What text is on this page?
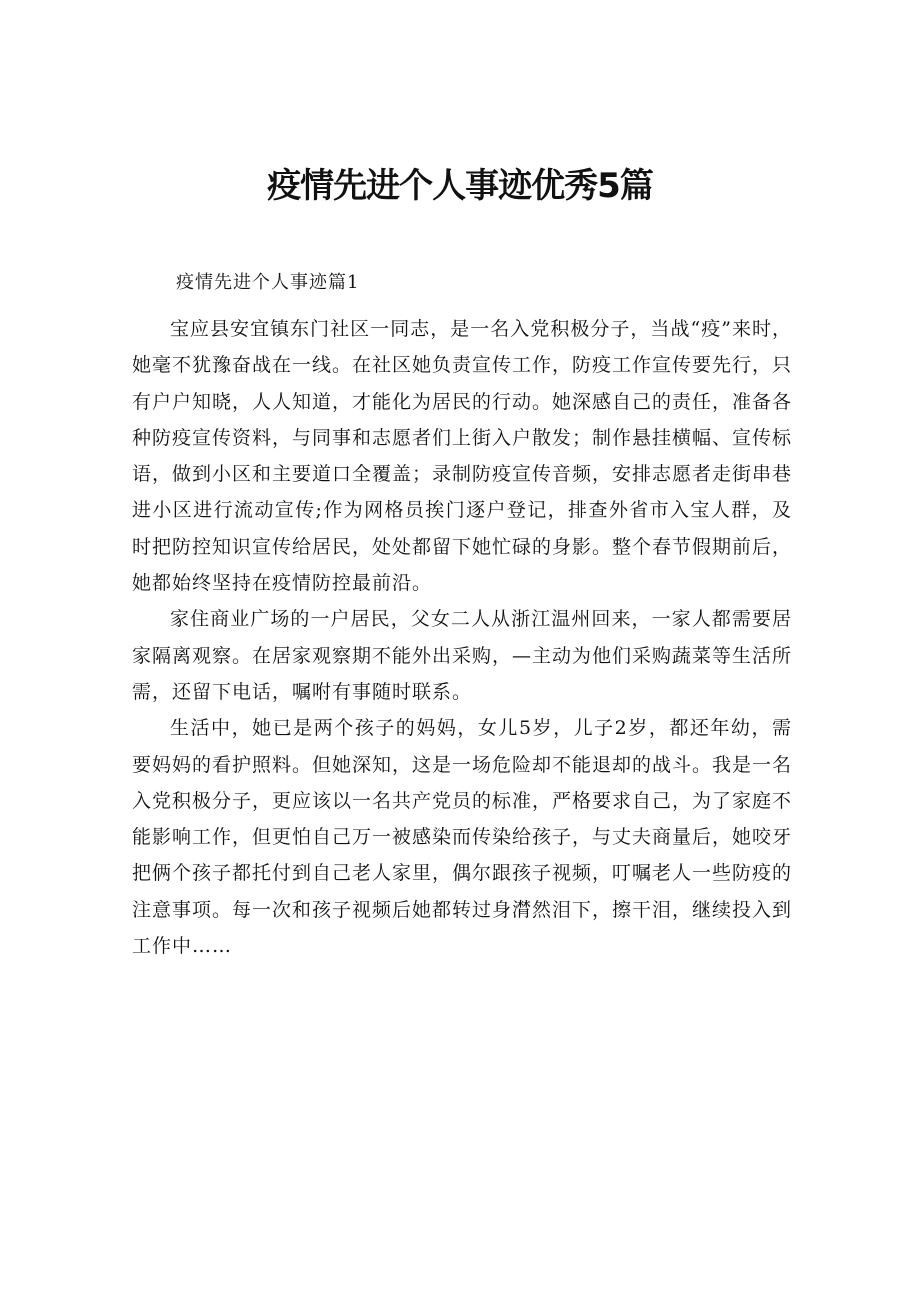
疫情先进个人事迹优秀5篇
疫情先进个人事迹篇1

宝应县安宜镇东门社区一同志，是一名入党积极分子，当战“疫”来时，她毫不犹豫奋战在一线。在社区她负责宣传工作，防疫工作宣传要先行，只有户户知晓，人人知道，才能化为居民的行动。她深感自己的责任，准备各种防疫宣传资料，与同事和志愿者们上街入户散发；制作悬挂横幅、宣传标语，做到小区和主要道口全覆盖；录制防疫宣传音频，安排志愿者走街串巷进小区进行流动宣传;作为网格员挨门逐户登记，排查外省市入宝人群，及时把防控知识宣传给居民，处处都留下她忙碌的身影。整个春节假期前后，她都始终坚持在疫情防控最前沿。

家住商业广场的一户居民，父女二人从浙江温州回来，一家人都需要居家隔离观察。在居家观察期不能外出采购，—主动为他们采购蔬菜等生活所需，还留下电话，嘱咐有事随时联系。

生活中，她已是两个孩子的妈妈，女儿5岁，儿子2岁，都还年幼，需要妈妈的看护照料。但她深知，这是一场危险却不能退却的战斗。我是一名入党积极分子，更应该以一名共产党员的标准，严格要求自己，为了家庭不能影响工作，但更怕自己万一被感染而传染给孩子，与丈夫商量后，她咬牙把俩个孩子都托付到自己老人家里，偶尔跟孩子视频，叮嘱老人一些防疫的注意事项。每一次和孩子视频后她都转过身潸然泪下，擦干泪，继续投入到工作中……
